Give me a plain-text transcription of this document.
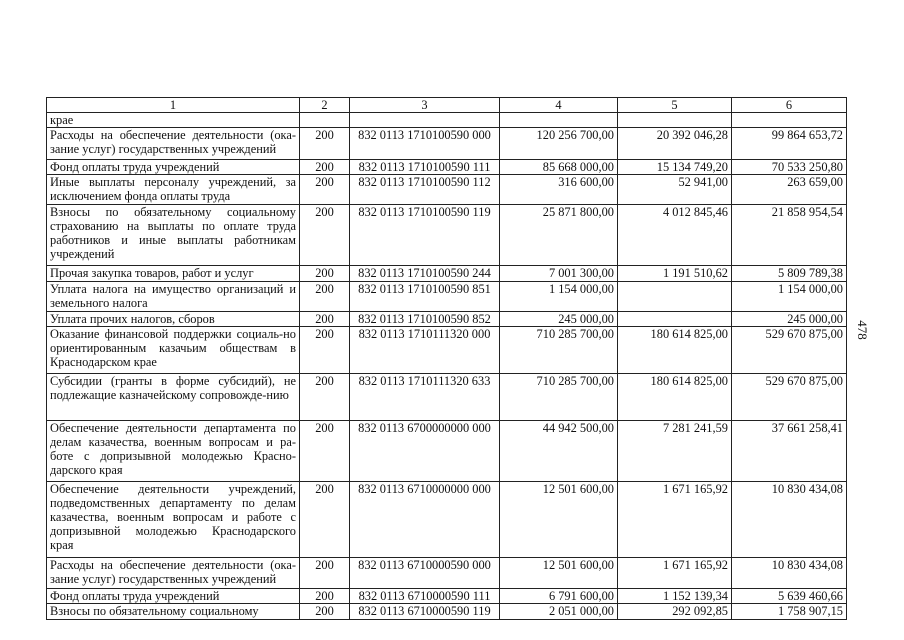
1	2	3	4	5	6
крае					
Расходы на обеспечение деятельности (ока-зание услуг) государственных учреждений	200	832 0113 1710100590 000	120 256 700,00	20 392 046,28	99 864 653,72
Фонд оплаты труда учреждений	200	832 0113 1710100590 111	85 668 000,00	15 134 749,20	70 533 250,80
Иные выплаты персоналу учреждений, за исключением фонда оплаты труда	200	832 0113 1710100590 112	316 600,00	52 941,00	263 659,00
Взносы по обязательному социальному страхованию на выплаты по оплате труда работников и иные выплаты работникам учреждений	200	832 0113 1710100590 119	25 871 800,00	4 012 845,46	21 858 954,54
Прочая закупка товаров, работ и услуг	200	832 0113 1710100590 244	7 001 300,00	1 191 510,62	5 809 789,38
Уплата налога на имущество организаций и земельного налога	200	832 0113 1710100590 851	1 154 000,00		1 154 000,00
Уплата прочих налогов, сборов	200	832 0113 1710100590 852	245 000,00		245 000,00
Оказание финансовой поддержки социаль-но ориентированным казачьим обществам в Краснодарском крае	200	832 0113 1710111320 000	710 285 700,00	180 614 825,00	529 670 875,00
Субсидии (гранты в форме субсидий), не подлежащие казначейскому сопровожде-нию	200	832 0113 1710111320 633	710 285 700,00	180 614 825,00	529 670 875,00
Обеспечение деятельности департамента по делам казачества, военным вопросам и ра-боте с допризывной молодежью Красно-дарского края	200	832 0113 6700000000 000	44 942 500,00	7 281 241,59	37 661 258,41
Обеспечение деятельности учреждений, подведомственных департаменту по делам казачества, военным вопросам и работе с допризывной молодежью Краснодарского края	200	832 0113 6710000000 000	12 501 600,00	1 671 165,92	10 830 434,08
Расходы на обеспечение деятельности (ока-зание услуг) государственных учреждений	200	832 0113 6710000590 000	12 501 600,00	1 671 165,92	10 830 434,08
Фонд оплаты труда учреждений	200	832 0113 6710000590 111	6 791 600,00	1 152 139,34	5 639 460,66
Взносы по обязательному социальному	200	832 0113 6710000590 119	2 051 000,00	292 092,85	1 758 907,15
478
